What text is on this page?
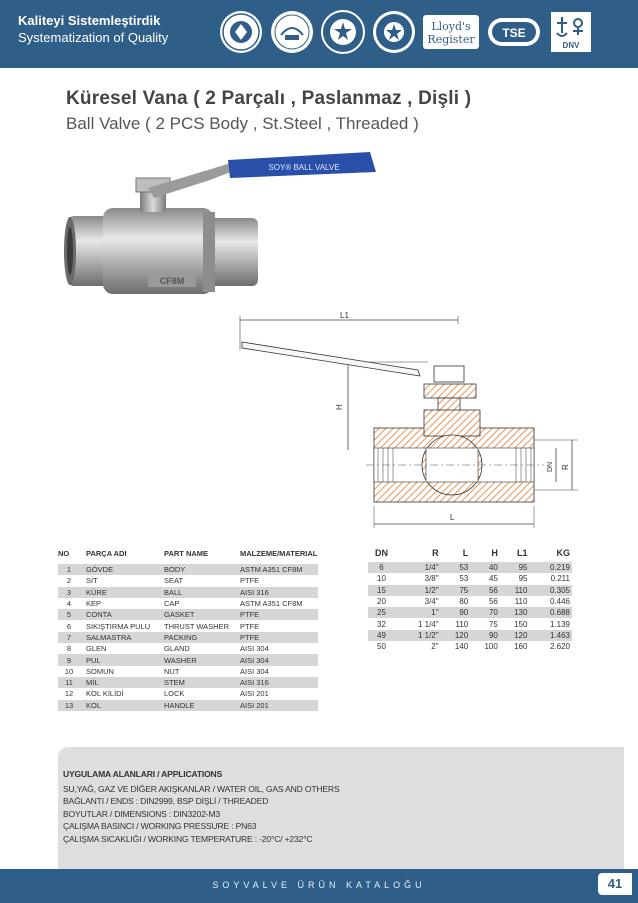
Kaliteyi Sistemleştirdik
Systematization of Quality
Lloyd's
Register TSE
DNV
Küresel Vana ( 2 Parçalı , Paslanmaz , Dişli )
Ball Valve ( 2 PCS Body , St.Steel , Threaded )
CF8M
SOY® BALL VALVE
L1
H
L
DN R
NO	PARÇA ADI	PART NAME	MALZEME/MATERIAL
1	GÖVDE	BODY	ASTM A351 CF8M
2	SİT	SEAT	PTFE
3	KÜRE	BALL	AISI 316
4	KEP	CAP	ASTM A351 CF8M
5	CONTA	GASKET	PTFE
6	SIKIŞTIRMA PULU	THRUST WASHER	PTFE
7	SALMASTRA	PACKING	PTFE
8	GLEN	GLAND	AISI 304
9	PUL	WASHER	AISI 304
10	SOMUN	NUT	AISI 304
11	MİL	STEM	AISI 316
12	KOL KİLİDİ	LOCK	AISI 201
13	KOL	HANDLE	AISI 201
DN	R	L	H	L1	KG
6	1/4"	53	40	95	0.219
10	3/8"	53	45	95	0.211
15	1/2"	75	56	110	0.305
20	3/4"	80	56	110	0.446
25	1"	90	70	130	0.688
32	1 1/4"	110	75	150	1.139
49	1 1/2"	120	90	120	1.463
50	2"	140	100	160	2.620
UYGULAMA ALANLARI / APPLICATIONS
SU,YAĞ, GAZ VE DİĞER AKIŞKANLAR / WATER OIL, GAS AND OTHERS
BAĞLANTI / ENDS : DIN2999, BSP DİŞLİ / THREADED
BOYUTLAR / DIMENSIONS : DIN3202-M3
ÇALIŞMA BASINCI / WORKING PRESSURE : PN63
ÇALIŞMA SICAKLIĞI / WORKING TEMPERATURE : -20°C/ +232°C
SOYVALVE ÜRÜN KATALOĞU	41
